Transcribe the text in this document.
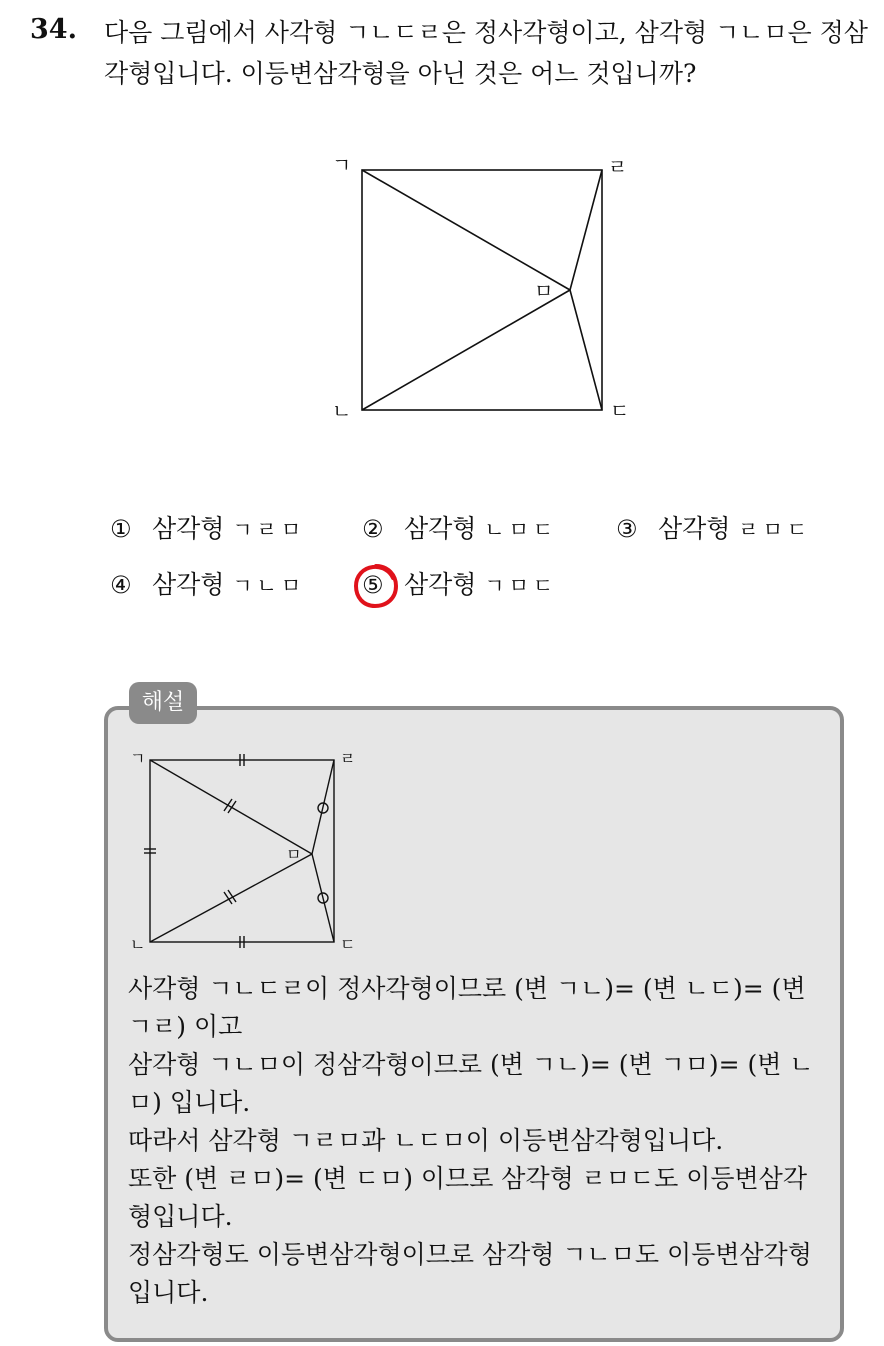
34. 다음 그림에서 사각형 ㄱㄴㄷㄹ은 정사각형이고, 삼각형 ㄱㄴㅁ은 정삼각형입니다. 이등변삼각형을 아닌 것은 어느 것입니까?
ㄱ	ㄹ
ㄴ	ㄷ
ㅁ
① 삼각형 ㄱㄹㅁ ② 삼각형 ㄴㅁㄷ ③ 삼각형 ㄹㅁㄷ
④ 삼각형 ㄱㄴㅁ ⑤ 삼각형 ㄱㅁㄷ
해설
ㄱ	ㄹ
ㄴ	ㄷ
ㅁ

사각형 ㄱㄴㄷㄹ이 정사각형이므로 (변 ㄱㄴ)= (변 ㄴㄷ)= (변 ㄱㄹ) 이고

삼각형 ㄱㄴㅁ이 정삼각형이므로 (변 ㄱㄴ)= (변 ㄱㅁ)= (변 ㄴㅁ) 입니다.

따라서 삼각형 ㄱㄹㅁ과 ㄴㄷㅁ이 이등변삼각형입니다.

또한 (변 ㄹㅁ)= (변 ㄷㅁ) 이므로 삼각형 ㄹㅁㄷ도 이등변삼각형입니다.

정삼각형도 이등변삼각형이므로 삼각형 ㄱㄴㅁ도 이등변삼각형입니다.
